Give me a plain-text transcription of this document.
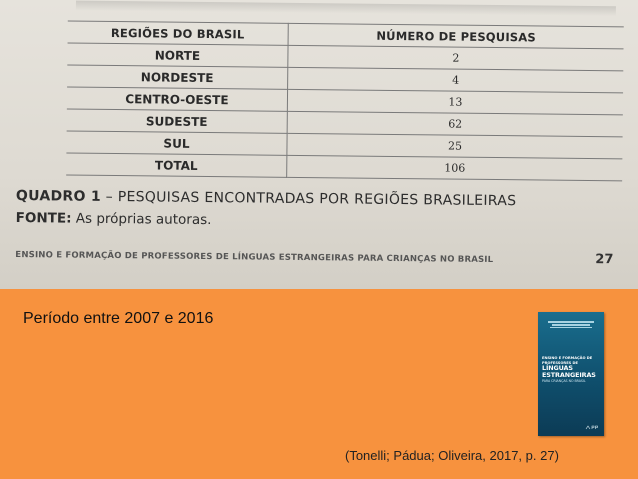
REGIÕES DO BRASIL	NÚMERO DE PESQUISAS
NORTE	2
NORDESTE	4
CENTRO-OESTE	13
SUDESTE	62
SUL	25
TOTAL	106
QUADRO 1 – PESQUISAS ENCONTRADAS POR REGIÕES BRASILEIRAS
FONTE: As próprias autoras.
ENSINO E FORMAÇÃO DE PROFESSORES DE LÍNGUAS ESTRANGEIRAS PARA CRIANÇAS NO BRASIL	27
Período entre 2007 e 2016
ENSINO E FORMAÇÃO DE PROFESSORES DE
LÍNGUAS
ESTRANGEIRAS
PARA CRIANÇAS NO BRASIL
(Tonelli; Pádua; Oliveira, 2017, p. 27)
